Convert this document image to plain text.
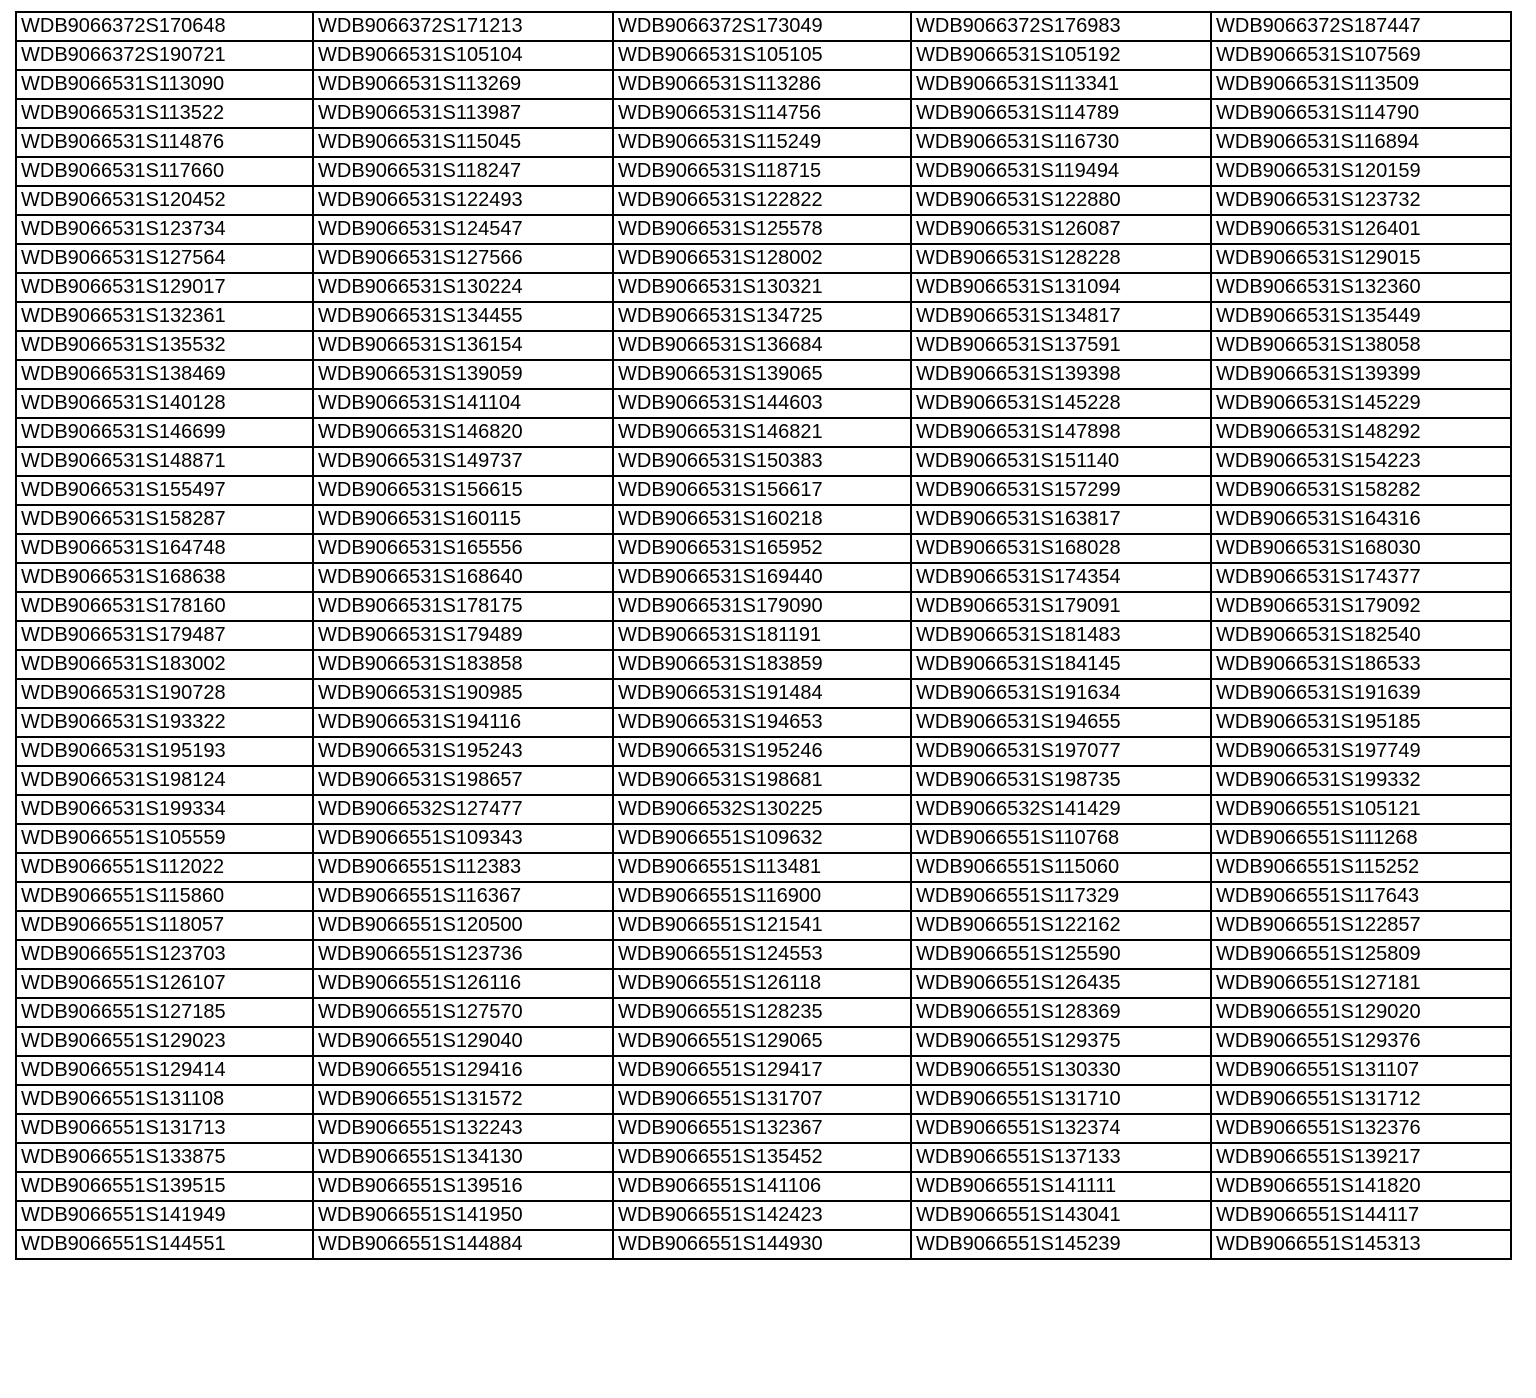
WDB9066372S170648	WDB9066372S171213	WDB9066372S173049	WDB9066372S176983	WDB9066372S187447
WDB9066372S190721	WDB9066531S105104	WDB9066531S105105	WDB9066531S105192	WDB9066531S107569
WDB9066531S113090	WDB9066531S113269	WDB9066531S113286	WDB9066531S113341	WDB9066531S113509
WDB9066531S113522	WDB9066531S113987	WDB9066531S114756	WDB9066531S114789	WDB9066531S114790
WDB9066531S114876	WDB9066531S115045	WDB9066531S115249	WDB9066531S116730	WDB9066531S116894
WDB9066531S117660	WDB9066531S118247	WDB9066531S118715	WDB9066531S119494	WDB9066531S120159
WDB9066531S120452	WDB9066531S122493	WDB9066531S122822	WDB9066531S122880	WDB9066531S123732
WDB9066531S123734	WDB9066531S124547	WDB9066531S125578	WDB9066531S126087	WDB9066531S126401
WDB9066531S127564	WDB9066531S127566	WDB9066531S128002	WDB9066531S128228	WDB9066531S129015
WDB9066531S129017	WDB9066531S130224	WDB9066531S130321	WDB9066531S131094	WDB9066531S132360
WDB9066531S132361	WDB9066531S134455	WDB9066531S134725	WDB9066531S134817	WDB9066531S135449
WDB9066531S135532	WDB9066531S136154	WDB9066531S136684	WDB9066531S137591	WDB9066531S138058
WDB9066531S138469	WDB9066531S139059	WDB9066531S139065	WDB9066531S139398	WDB9066531S139399
WDB9066531S140128	WDB9066531S141104	WDB9066531S144603	WDB9066531S145228	WDB9066531S145229
WDB9066531S146699	WDB9066531S146820	WDB9066531S146821	WDB9066531S147898	WDB9066531S148292
WDB9066531S148871	WDB9066531S149737	WDB9066531S150383	WDB9066531S151140	WDB9066531S154223
WDB9066531S155497	WDB9066531S156615	WDB9066531S156617	WDB9066531S157299	WDB9066531S158282
WDB9066531S158287	WDB9066531S160115	WDB9066531S160218	WDB9066531S163817	WDB9066531S164316
WDB9066531S164748	WDB9066531S165556	WDB9066531S165952	WDB9066531S168028	WDB9066531S168030
WDB9066531S168638	WDB9066531S168640	WDB9066531S169440	WDB9066531S174354	WDB9066531S174377
WDB9066531S178160	WDB9066531S178175	WDB9066531S179090	WDB9066531S179091	WDB9066531S179092
WDB9066531S179487	WDB9066531S179489	WDB9066531S181191	WDB9066531S181483	WDB9066531S182540
WDB9066531S183002	WDB9066531S183858	WDB9066531S183859	WDB9066531S184145	WDB9066531S186533
WDB9066531S190728	WDB9066531S190985	WDB9066531S191484	WDB9066531S191634	WDB9066531S191639
WDB9066531S193322	WDB9066531S194116	WDB9066531S194653	WDB9066531S194655	WDB9066531S195185
WDB9066531S195193	WDB9066531S195243	WDB9066531S195246	WDB9066531S197077	WDB9066531S197749
WDB9066531S198124	WDB9066531S198657	WDB9066531S198681	WDB9066531S198735	WDB9066531S199332
WDB9066531S199334	WDB9066532S127477	WDB9066532S130225	WDB9066532S141429	WDB9066551S105121
WDB9066551S105559	WDB9066551S109343	WDB9066551S109632	WDB9066551S110768	WDB9066551S111268
WDB9066551S112022	WDB9066551S112383	WDB9066551S113481	WDB9066551S115060	WDB9066551S115252
WDB9066551S115860	WDB9066551S116367	WDB9066551S116900	WDB9066551S117329	WDB9066551S117643
WDB9066551S118057	WDB9066551S120500	WDB9066551S121541	WDB9066551S122162	WDB9066551S122857
WDB9066551S123703	WDB9066551S123736	WDB9066551S124553	WDB9066551S125590	WDB9066551S125809
WDB9066551S126107	WDB9066551S126116	WDB9066551S126118	WDB9066551S126435	WDB9066551S127181
WDB9066551S127185	WDB9066551S127570	WDB9066551S128235	WDB9066551S128369	WDB9066551S129020
WDB9066551S129023	WDB9066551S129040	WDB9066551S129065	WDB9066551S129375	WDB9066551S129376
WDB9066551S129414	WDB9066551S129416	WDB9066551S129417	WDB9066551S130330	WDB9066551S131107
WDB9066551S131108	WDB9066551S131572	WDB9066551S131707	WDB9066551S131710	WDB9066551S131712
WDB9066551S131713	WDB9066551S132243	WDB9066551S132367	WDB9066551S132374	WDB9066551S132376
WDB9066551S133875	WDB9066551S134130	WDB9066551S135452	WDB9066551S137133	WDB9066551S139217
WDB9066551S139515	WDB9066551S139516	WDB9066551S141106	WDB9066551S141111	WDB9066551S141820
WDB9066551S141949	WDB9066551S141950	WDB9066551S142423	WDB9066551S143041	WDB9066551S144117
WDB9066551S144551	WDB9066551S144884	WDB9066551S144930	WDB9066551S145239	WDB9066551S145313
